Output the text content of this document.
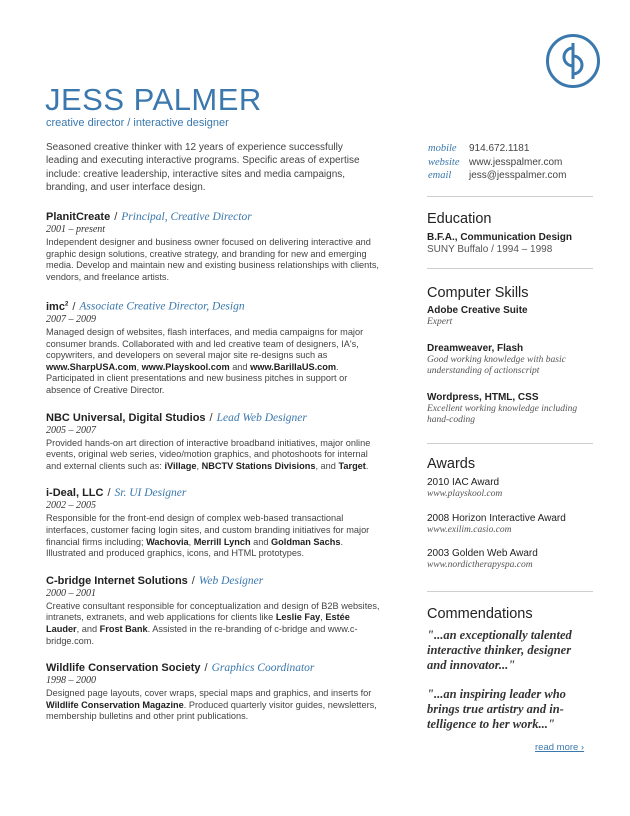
JESS PALMER
creative director / interactive designer
Seasoned creative thinker with 12 years of experience successfully leading and executing interactive programs. Specific areas of expertise include: creative leadership, interactive sites and media campaigns, branding, and user interface design.
mobile	914.672.1181
website www.jesspalmer.com
email	jess@jesspalmer.com
PlanitCreate / Principal, Creative Director
2001 – present
Independent designer and business owner focused on delivering interactive and graphic design solutions, creative strategy, and branding for new and emerging media. Develop and maintain new and existing business relationships with clients, vendors, and freelance artists.
imc$^2$ / Associate Creative Director, Design
2007 – 2009
Managed design of websites, flash interfaces, and media campaigns for major consumer brands. Collaborated with and led creative team of designers, IA's, copywriters, and developers on several major site re-designs such as www.SharpUSA.com, www.Playskool.com and www.BarillaUS.com. Participated in client presentations and new business pitches in support or absence of Creative Director.
NBC Universal, Digital Studios / Lead Web Designer
2005 – 2007
Provided hands-on art direction of interactive broadband initiatives, major online events, original web series, video/motion graphics, and photoshoots for internal and external clients such as: iVillage, NBCTV Stations Divisions, and Target.
i-Deal, LLC / Sr. UI Designer
2002 – 2005
Responsible for the front-end design of complex web-based transactional interfaces, customer facing login sites, and custom branding initiatives for major financial firms including; Wachovia, Merrill Lynch and Goldman Sachs. Illustrated and produced graphics, icons, and HTML prototypes.
C-bridge Internet Solutions / Web Designer
2000 – 2001
Creative consultant responsible for conceptualization and design of B2B websites, intranets, extranets, and web applications for clients like Leslie Fay, Estée Lauder, and Frost Bank. Assisted in the re-branding of c-bridge and www.c-bridge.com.
Wildlife Conservation Society / Graphics Coordinator
1998 – 2000
Designed page layouts, cover wraps, special maps and graphics, and inserts for Wildlife Conservation Magazine. Produced quarterly visitor guides, newsletters, membership bulletins and other print publications.
Education
B.F.A., Communication Design
SUNY Buffalo / 1994 – 1998
Computer Skills
Adobe Creative Suite
Expert
Dreamweaver, Flash
Good working knowledge with basic understanding of actionscript
Wordpress, HTML, CSS
Excellent working knowledge including hand-coding
Awards
2010 IAC Award
www.playskool.com
2008 Horizon Interactive Award
www.exilim.casio.com
2003 Golden Web Award
www.nordictherapyspa.com
Commendations
"...an exceptionally talented interactive thinker, designer and innovator..."
"...an inspiring leader who brings true artistry and in-telligence to her work..."
read more ›
